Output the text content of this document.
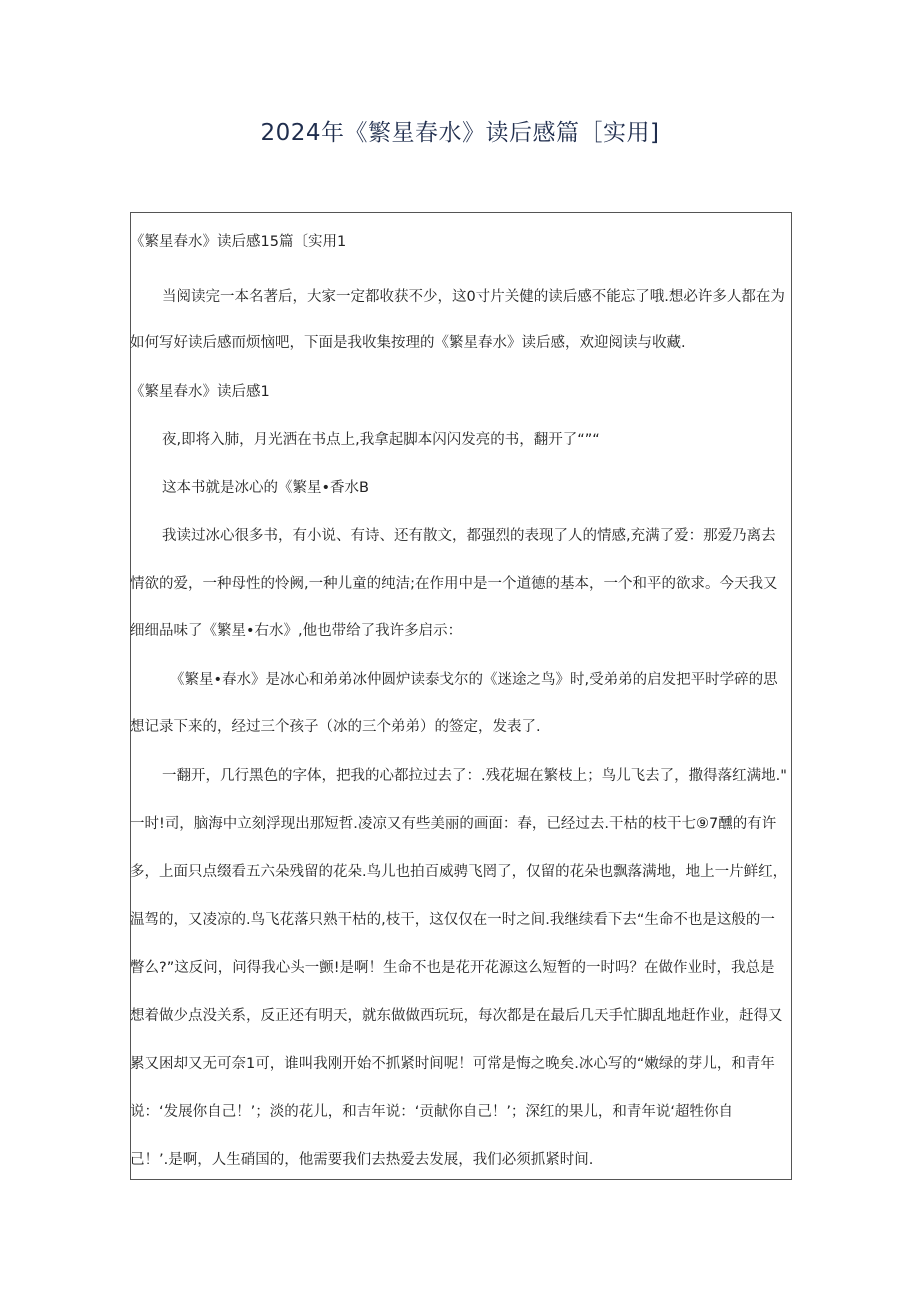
2024年《繁星春水》读后感篇［实用]
《繁星春水》读后感15篇〔实用1
当阅读完一本名著后，大家一定都收获不少，这0寸片关健的读后感不能忘了哦.想必许多人都在为
如何写好读后感而烦恼吧，下面是我收集按理的《繁星春水》读后感，欢迎阅读与收藏.
《繁星春水》读后感1
夜,即将入肺，月光洒在书点上,我拿起脚本闪闪发亮的书，翻开了“”“
这本书就是冰心的《繁星•香水B
我读过冰心很多书，有小说、有诗、还有散文，都强烈的表现了人的情感,充满了爱：那爱乃离去
情欲的爱，一种母性的怜阙,一种儿童的纯洁;在作用中是一个道德的基本，一个和平的欲求。今天我又
细细品味了《繁星•右水》,他也带给了我许多启示：
《繁星•春水》是冰心和弟弟冰仲圆炉读泰戈尔的《迷途之鸟》时,受弟弟的启发把平时学碎的思
想记录下来的，经过三个孩子（冰的三个弟弟）的签定，发表了.
一翻开，几行黑色的字体，把我的心都拉过去了：.残花堀在繁枝上；鸟儿飞去了，撒得落红满地."
一时!司，脑海中立刻浮现出那短哲.凌凉又有些美丽的画面：春，已经过去.干枯的枝干七⑨7醺的有许
多，上面只点缀看五六朵残留的花朵.鸟儿也拍百威骋飞罔了，仅留的花朵也飘落满地，地上一片鲜红，
温驾的，又凌凉的.鸟飞花落只熟干枯的,枝干，这仅仅在一时之间.我继续看下去“生命不也是这般的一
瞥么?”这反问，问得我心头一颤!是啊！生命不也是花开花源这么短暂的一时吗？在做作业时，我总是
想着做少点没关系，反正还有明天，就东做做西玩玩，每次都是在最后几天手忙脚乱地赶作业，赶得又
累又困却又无可奈1可，谁叫我刚开始不抓紧时间呢！可常是悔之晚矣.冰心写的“嫩绿的芽儿，和青年
说：‘发展你自己！’；淡的花儿，和吉年说：‘贡献你自己！’；深红的果儿，和青年说‘超牲你自
己！’.是啊，人生硝国的，他需要我们去热爱去发展，我们必须抓紧时间.
